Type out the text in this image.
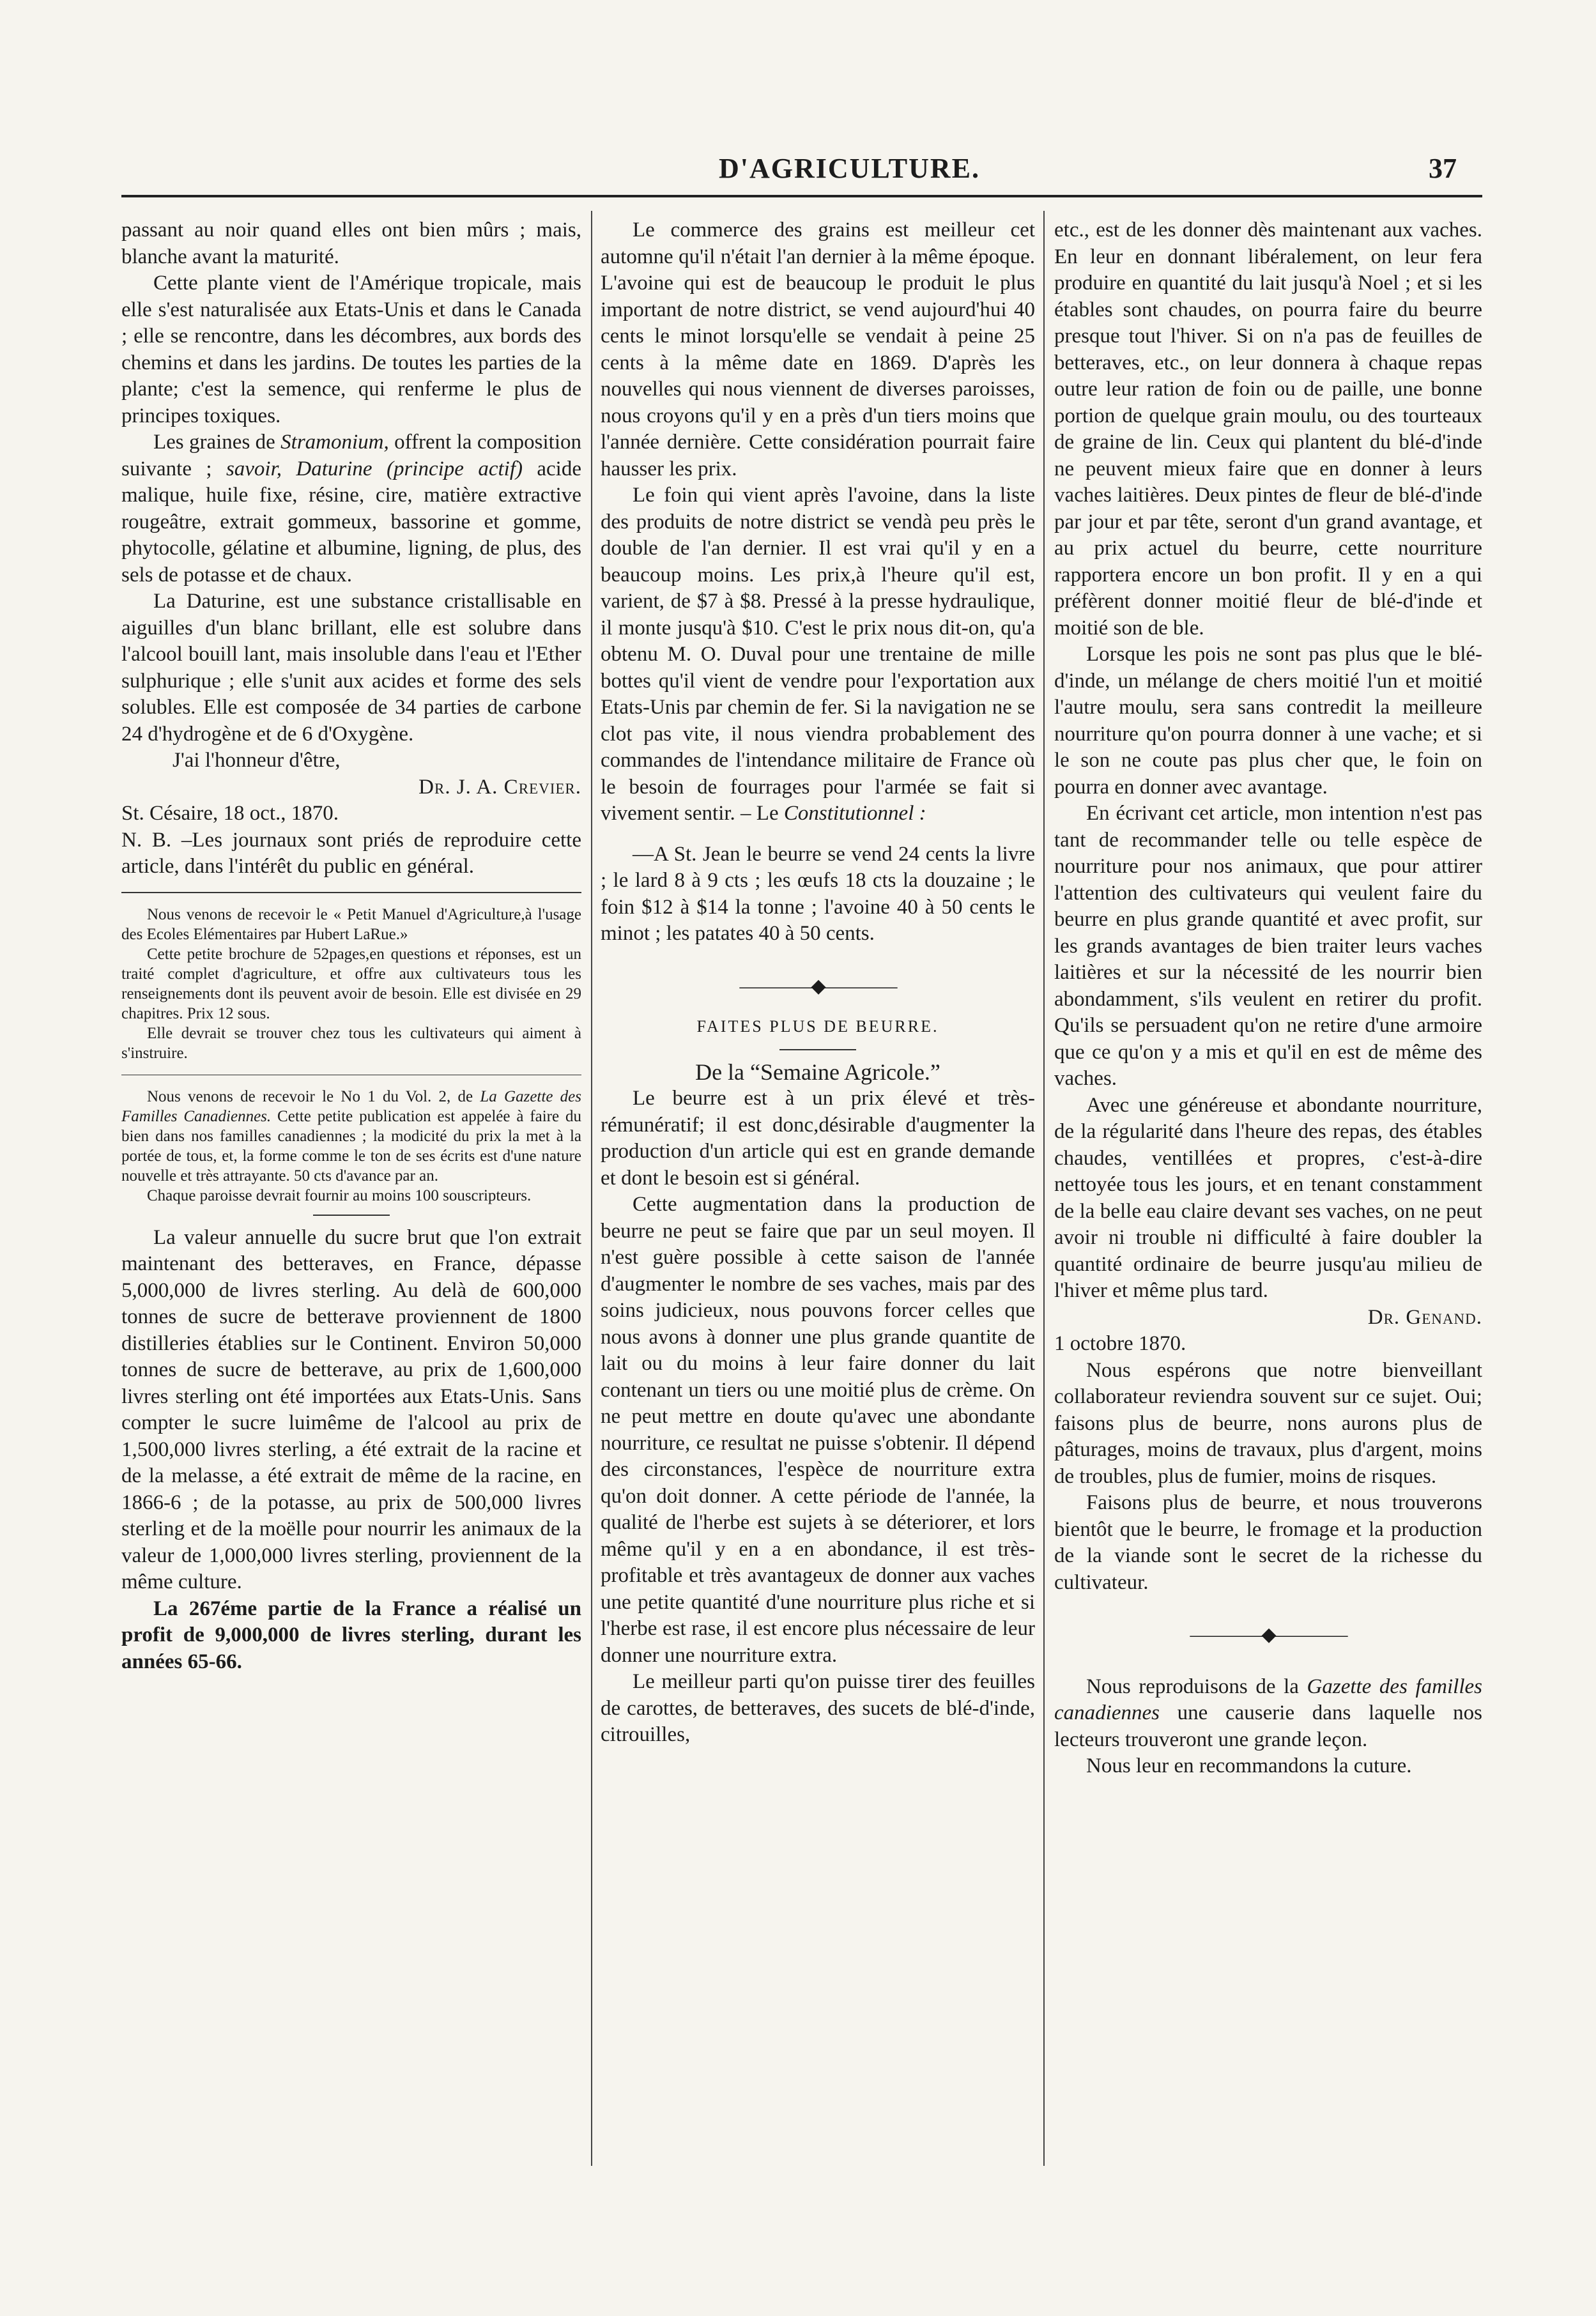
D'AGRICULTURE.	37

passant au noir quand elles ont bien mûrs ; mais, blanche avant la maturité.

Cette plante vient de l'Amérique tropicale, mais elle s'est naturalisée aux Etats-Unis et dans le Canada ; elle se rencontre, dans les décombres, aux bords des chemins et dans les jardins. De toutes les parties de la plante; c'est la semence, qui renferme le plus de principes toxiques.

Les graines de Stramonium, offrent la composition suivante ; savoir, Daturine (principe actif) acide malique, huile fixe, résine, cire, matière extractive rougeâtre, extrait gommeux, bassorine et gomme, phytocolle, gélatine et albumine, ligning, de plus, des sels de potasse et de chaux.

La Daturine, est une substance cristallisable en aiguilles d'un blanc brillant, elle est solubre dans l'alcool bouill lant, mais insoluble dans l'eau et l'Ether sulphurique ; elle s'unit aux acides et forme des sels solubles. Elle est composée de 34 parties de carbone 24 d'hydrogène et de 6 d'Oxygène.

J'ai l'honneur d'être,

Dr. J. A. Crevier.

St. Césaire, 18 oct., 1870.

N. B. –Les journaux sont priés de reproduire cette article, dans l'intérêt du public en général.

Nous venons de recevoir le « Petit Manuel d'Agriculture,à l'usage des Ecoles Elémentaires par Hubert LaRue.»

Cette petite brochure de 52pages,en questions et réponses, est un traité complet d'agriculture, et offre aux cultivateurs tous les renseignements dont ils peuvent avoir de besoin. Elle est divisée en 29 chapitres. Prix 12 sous.

Elle devrait se trouver chez tous les cultivateurs qui aiment à s'instruire.

Nous venons de recevoir le No 1 du Vol. 2, de La Gazette des Familles Canadiennes. Cette petite publication est appelée à faire du bien dans nos familles canadiennes ; la modicité du prix la met à la portée de tous, et, la forme comme le ton de ses écrits est d'une nature nouvelle et très attrayante. 50 cts d'avance par an.

Chaque paroisse devrait fournir au moins 100 souscripteurs.

La valeur annuelle du sucre brut que l'on extrait maintenant des betteraves, en France, dépasse 5,000,000 de livres sterling. Au delà de 600,000 tonnes de sucre de betterave proviennent de 1800 distilleries établies sur le Continent. Environ 50,000 tonnes de sucre de betterave, au prix de 1,600,000 livres sterling ont été importées aux Etats-Unis. Sans compter le sucre luimême de l'alcool au prix de 1,500,000 livres sterling, a été extrait de la racine et de la melasse, a été extrait de même de la racine, en 1866-6 ; de la potasse, au prix de 500,000 livres sterling et de la moëlle pour nourrir les animaux de la valeur de 1,000,000 livres sterling, proviennent de la même culture.

La 267éme partie de la France a réalisé un profit de 9,000,000 de livres sterling, durant les années 65-66.

Le commerce des grains est meilleur cet automne qu'il n'était l'an dernier à la même époque. L'avoine qui est de beaucoup le produit le plus important de notre district, se vend aujourd'hui 40 cents le minot lorsqu'elle se vendait à peine 25 cents à la même date en 1869. D'après les nouvelles qui nous viennent de diverses paroisses, nous croyons qu'il y en a près d'un tiers moins que l'année dernière. Cette considération pourrait faire hausser les prix.

Le foin qui vient après l'avoine, dans la liste des produits de notre district se vendà peu près le double de l'an dernier. Il est vrai qu'il y en a beaucoup moins. Les prix,à l'heure qu'il est, varient, de $7 à $8. Pressé à la presse hydraulique, il monte jusqu'à $10. C'est le prix nous dit-on, qu'a obtenu M. O. Duval pour une trentaine de mille bottes qu'il vient de vendre pour l'exportation aux Etats-Unis par chemin de fer. Si la navigation ne se clot pas vite, il nous viendra probablement des commandes de l'intendance militaire de France où le besoin de fourrages pour l'armée se fait si vivement sentir. – Le Constitutionnel :

—A St. Jean le beurre se vend 24 cents la livre ; le lard 8 à 9 cts ; les œufs 18 cts la douzaine ; le foin $12 à $14 la tonne ; l'avoine 40 à 50 cents le minot ; les patates 40 à 50 cents.

――――◆――――

FAITES PLUS DE BEURRE.

De la “Semaine Agricole.”

Le beurre est à un prix élevé et très-rémunératif; il est donc,désirable d'augmenter la production d'un article qui est en grande demande et dont le besoin est si général.

Cette augmentation dans la production de beurre ne peut se faire que par un seul moyen. Il n'est guère possible à cette saison de l'année d'augmenter le nombre de ses vaches, mais par des soins judicieux, nous pouvons forcer celles que nous avons à donner une plus grande quantite de lait ou du moins à leur faire donner du lait contenant un tiers ou une moitié plus de crème. On ne peut mettre en doute qu'avec une abondante nourriture, ce resultat ne puisse s'obtenir. Il dépend des circonstances, l'espèce de nourriture extra qu'on doit donner. A cette période de l'année, la qualité de l'herbe est sujets à se déteriorer, et lors même qu'il y en a en abondance, il est très-profitable et très avantageux de donner aux vaches une petite quantité d'une nourriture plus riche et si l'herbe est rase, il est encore plus nécessaire de leur donner une nourriture extra.

Le meilleur parti qu'on puisse tirer des feuilles de carottes, de betteraves, des sucets de blé-d'inde, citrouilles,

etc., est de les donner dès maintenant aux vaches. En leur en donnant libéralement, on leur fera produire en quantité du lait jusqu'à Noel ; et si les étables sont chaudes, on pourra faire du beurre presque tout l'hiver. Si on n'a pas de feuilles de betteraves, etc., on leur donnera à chaque repas outre leur ration de foin ou de paille, une bonne portion de quelque grain moulu, ou des tourteaux de graine de lin. Ceux qui plantent du blé-d'inde ne peuvent mieux faire que en donner à leurs vaches laitières. Deux pintes de fleur de blé-d'inde par jour et par tête, seront d'un grand avantage, et au prix actuel du beurre, cette nourriture rapportera encore un bon profit. Il y en a qui préfèrent donner moitié fleur de blé-d'inde et moitié son de ble.

Lorsque les pois ne sont pas plus que le blé-d'inde, un mélange de chers moitié l'un et moitié l'autre moulu, sera sans contredit la meilleure nourriture qu'on pourra donner à une vache; et si le son ne coute pas plus cher que, le foin on pourra en donner avec avantage.

En écrivant cet article, mon intention n'est pas tant de recommander telle ou telle espèce de nourriture pour nos animaux, que pour attirer l'attention des cultivateurs qui veulent faire du beurre en plus grande quantité et avec profit, sur les grands avantages de bien traiter leurs vaches laitières et sur la nécessité de les nourrir bien abondamment, s'ils veulent en retirer du profit. Qu'ils se persuadent qu'on ne retire d'une armoire que ce qu'on y a mis et qu'il en est de même des vaches.

Avec une généreuse et abondante nourriture, de la régularité dans l'heure des repas, des étables chaudes, ventillées et propres, c'est-à-dire nettoyée tous les jours, et en tenant constamment de la belle eau claire devant ses vaches, on ne peut avoir ni trouble ni difficulté à faire doubler la quantité ordinaire de beurre jusqu'au milieu de l'hiver et même plus tard.

Dr. Genand.

1 octobre 1870.

Nous espérons que notre bienveillant collaborateur reviendra souvent sur ce sujet. Oui; faisons plus de beurre, nons aurons plus de pâturages, moins de travaux, plus d'argent, moins de troubles, plus de fumier, moins de risques.

Faisons plus de beurre, et nous trouverons bientôt que le beurre, le fromage et la production de la viande sont le secret de la richesse du cultivateur.

――――◆――――

Nous reproduisons de la Gazette des familles canadiennes une causerie dans laquelle nos lecteurs trouveront une grande leçon.

Nous leur en recommandons la cuture.
